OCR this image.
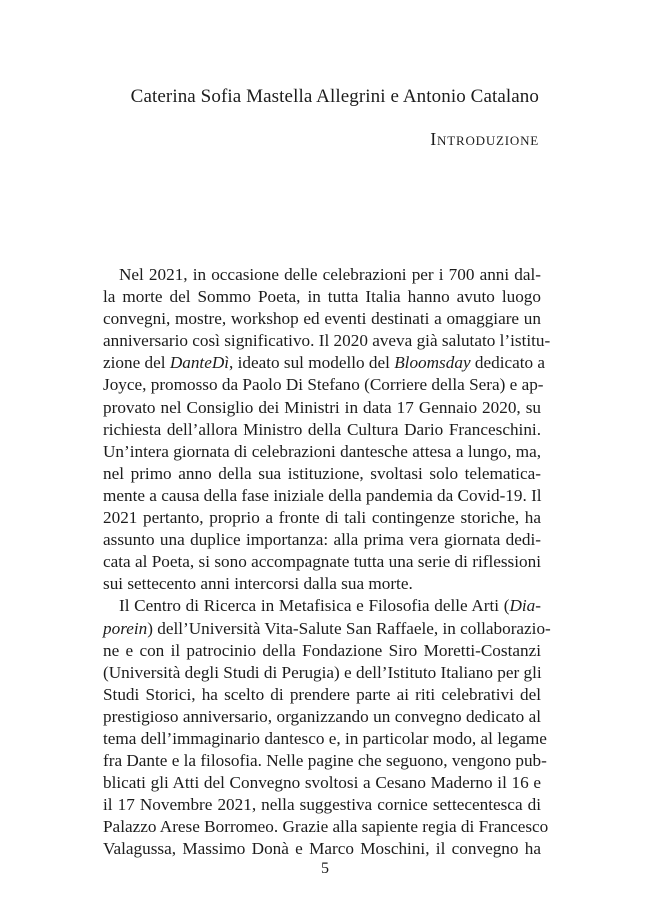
Caterina Sofia Mastella Allegrini e Antonio Catalano
Introduzione
Nel 2021, in occasione delle celebrazioni per i 700 anni dal-
la morte del Sommo Poeta, in tutta Italia hanno avuto luogo
convegni, mostre, workshop ed eventi destinati a omaggiare un
anniversario così significativo. Il 2020 aveva già salutato l’istitu-
zione del DanteDì, ideato sul modello del Bloomsday dedicato a
Joyce, promosso da Paolo Di Stefano (Corriere della Sera) e ap-
provato nel Consiglio dei Ministri in data 17 Gennaio 2020, su
richiesta dell’allora Ministro della Cultura Dario Franceschini.
Un’intera giornata di celebrazioni dantesche attesa a lungo, ma,
nel primo anno della sua istituzione, svoltasi solo telematica-
mente a causa della fase iniziale della pandemia da Covid-19. Il
2021 pertanto, proprio a fronte di tali contingenze storiche, ha
assunto una duplice importanza: alla prima vera giornata dedi-
cata al Poeta, si sono accompagnate tutta una serie di riflessioni
sui settecento anni intercorsi dalla sua morte.
Il Centro di Ricerca in Metafisica e Filosofia delle Arti (Dia-
porein) dell’Università Vita-Salute San Raffaele, in collaborazio-
ne e con il patrocinio della Fondazione Siro Moretti-Costanzi
(Università degli Studi di Perugia) e dell’Istituto Italiano per gli
Studi Storici, ha scelto di prendere parte ai riti celebrativi del
prestigioso anniversario, organizzando un convegno dedicato al
tema dell’immaginario dantesco e, in particolar modo, al legame
fra Dante e la filosofia. Nelle pagine che seguono, vengono pub-
blicati gli Atti del Convegno svoltosi a Cesano Maderno il 16 e
il 17 Novembre 2021, nella suggestiva cornice settecentesca di
Palazzo Arese Borromeo. Grazie alla sapiente regia di Francesco
Valagussa, Massimo Donà e Marco Moschini, il convegno ha
5
